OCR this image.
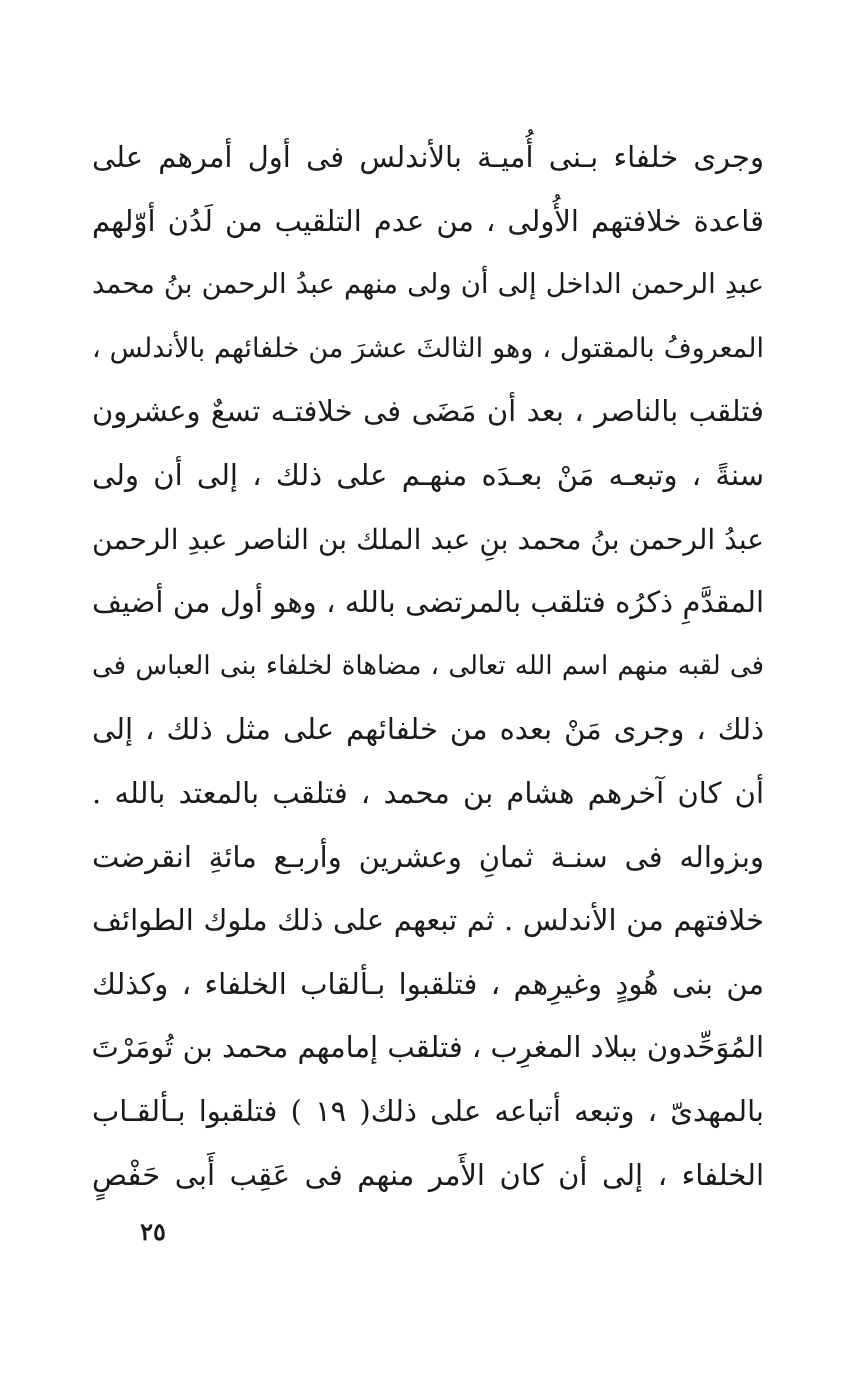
وجرى خلفاء بـنى أُميـة بالأندلس فى أول أمرهم على
قاعدة خلافتهم الأُولى ، من عدم التلقيب من لَدُن أوّلهم
عبدِ الرحمن الداخل إلى أن ولى منهم عبدُ الرحمن بنُ محمد
المعروفُ بالمقتول ، وهو الثالثَ عشرَ من خلفائهم بالأندلس ،
فتلقب بالناصر ، بعد أن مَضَى فى خلافتـه تسعٌ وعشرون
سنةً ، وتبعـه مَنْ بعـدَه منهـم على ذلك ، إلى أن ولى
عبدُ الرحمن بنُ محمد بنِ عبد الملك بن الناصر عبدِ الرحمن
المقدَّمِ ذكرُه فتلقب بالمرتضى بالله ، وهو أول من أضيف
فى لقبه منهم اسم الله تعالى ، مضاهاة لخلفاء بنى العباس فى
ذلك ، وجرى مَنْ بعده من خلفائهم على مثل ذلك ، إلى
أن كان آخرهم هشام بن محمد ، فتلقب بالمعتد بالله .
وبزواله فى سنـة ثمانِ وعشرين وأربـع مائةِ انقرضت
خلافتهم من الأندلس . ثم تبعهم على ذلك ملوك الطوائف
من بنى هُودٍ وغيرِهم ، فتلقبوا بـألقاب الخلفاء ، وكذلك
المُوَحِّدون ببلاد المغرِب ، فتلقب إمامهم محمد بن تُومَرْتَ
بالمهدىّ ، وتبعه أتباعه على ذلك( ١٩ ) فتلقبوا بـألقـاب
الخلفاء ، إلى أن كان الأَمر منهم فى عَقِب أَبى حَفْصٍ
٢٥
